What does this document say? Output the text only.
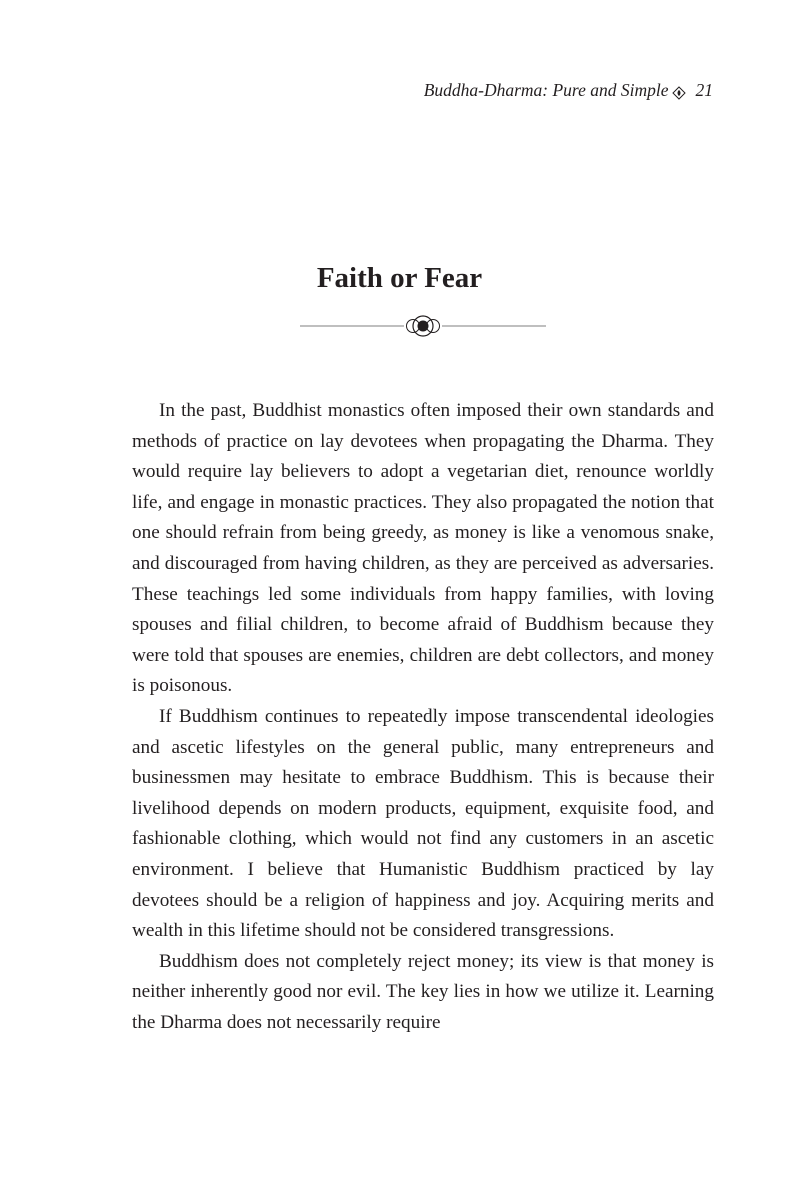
Buddha-Dharma: Pure and Simple 21
Faith or Fear

In the past, Buddhist monastics often imposed their own standards and methods of practice on lay devotees when propagating the Dharma. They would require lay believers to adopt a vegetarian diet, renounce worldly life, and engage in monastic practices. They also propagated the notion that one should refrain from being greedy, as money is like a venomous snake, and discouraged from having children, as they are perceived as adversaries. These teachings led some individuals from happy families, with loving spouses and filial children, to become afraid of Buddhism because they were told that spouses are enemies, children are debt collectors, and money is poisonous.

If Buddhism continues to repeatedly impose transcendental ideologies and ascetic lifestyles on the general public, many entrepreneurs and businessmen may hesitate to embrace Buddhism. This is because their livelihood depends on modern products, equipment, exquisite food, and fashionable clothing, which would not find any customers in an ascetic environment. I believe that Humanistic Buddhism practiced by lay devotees should be a religion of happiness and joy. Acquiring merits and wealth in this lifetime should not be considered transgressions.

Buddhism does not completely reject money; its view is that money is neither inherently good nor evil. The key lies in how we utilize it. Learning the Dharma does not necessarily require
